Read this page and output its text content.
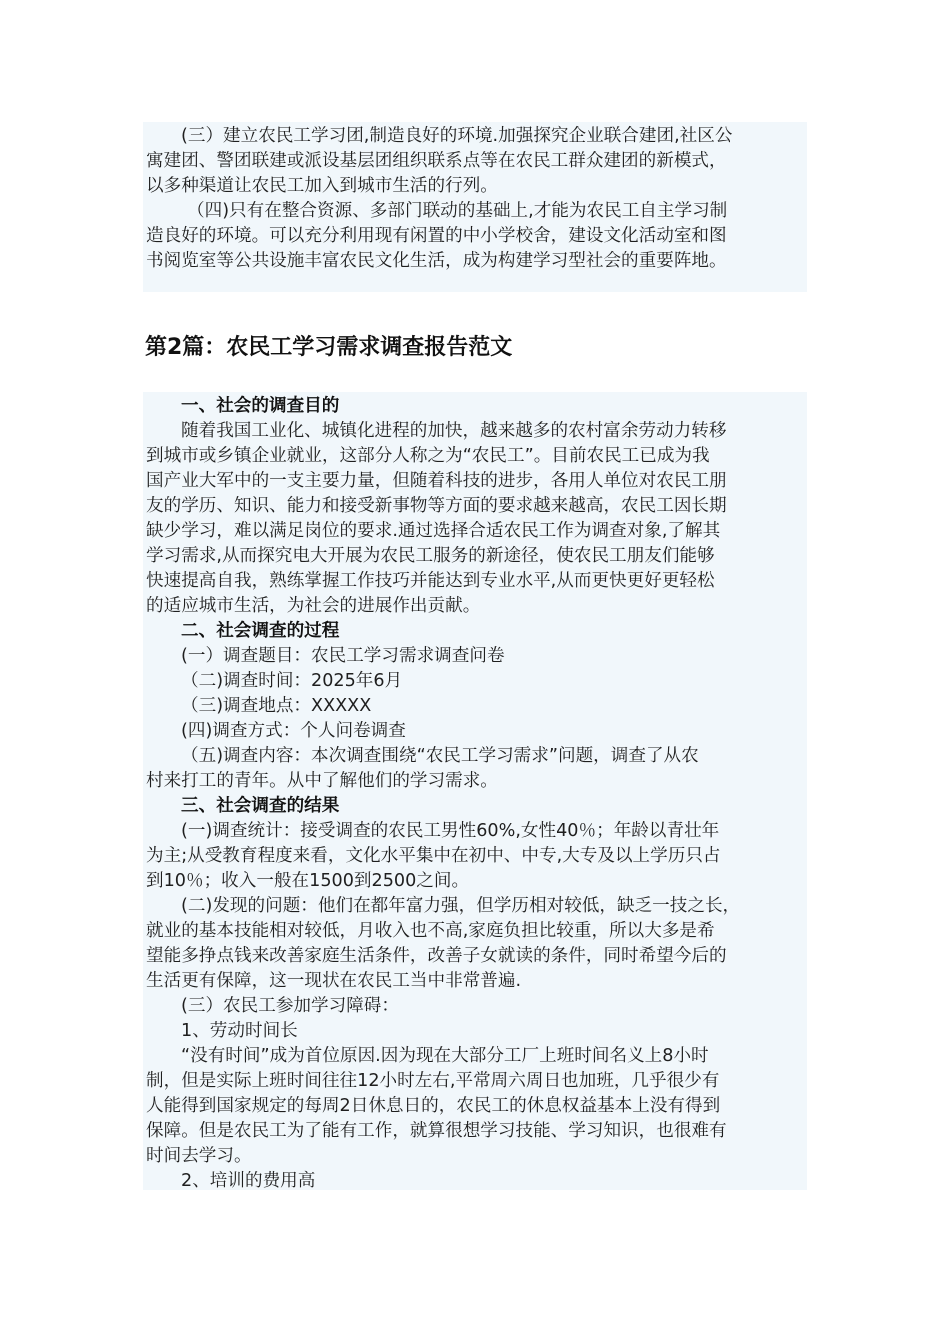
(三）建立农民工学习团,制造良好的环境.加强探究企业联合建团,社区公
寓建团、警团联建或派设基层团组织联系点等在农民工群众建团的新模式，
以多种渠道让农民工加入到城市生活的行列。
（四)只有在整合资源、多部门联动的基础上,才能为农民工自主学习制
造良好的环境。可以充分利用现有闲置的中小学校舍，建设文化活动室和图
书阅览室等公共设施丰富农民文化生活，成为构建学习型社会的重要阵地。
第2篇：农民工学习需求调查报告范文
一、社会的调查目的
随着我国工业化、城镇化进程的加快，越来越多的农村富余劳动力转移
到城市或乡镇企业就业，这部分人称之为“农民工”。目前农民工已成为我
国产业大军中的一支主要力量，但随着科技的进步，各用人单位对农民工朋
友的学历、知识、能力和接受新事物等方面的要求越来越高，农民工因长期
缺少学习，难以满足岗位的要求.通过选择合适农民工作为调查对象,了解其
学习需求,从而探究电大开展为农民工服务的新途径，使农民工朋友们能够
快速提高自我，熟练掌握工作技巧并能达到专业水平,从而更快更好更轻松
的适应城市生活，为社会的进展作出贡献。
二、社会调查的过程
(一）调查题目：农民工学习需求调查问卷
（二)调查时间：2025年6月
（三)调查地点：XXXXX
(四)调查方式：个人问卷调查
（五)调查内容：本次调查围绕“农民工学习需求”问题，调查了从农
村来打工的青年。从中了解他们的学习需求。
三、社会调查的结果
(一)调查统计：接受调查的农民工男性60%,女性40％；年龄以青壮年
为主;从受教育程度来看，文化水平集中在初中、中专,大专及以上学历只占
到10％；收入一般在1500到2500之间。
(二)发现的问题：他们在都年富力强，但学历相对较低，缺乏一技之长，
就业的基本技能相对较低，月收入也不高,家庭负担比较重，所以大多是希
望能多挣点钱来改善家庭生活条件，改善子女就读的条件，同时希望今后的
生活更有保障，这一现状在农民工当中非常普遍.
(三）农民工参加学习障碍：
1、劳动时间长
“没有时间”成为首位原因.因为现在大部分工厂上班时间名义上8小时
制，但是实际上班时间往往12小时左右,平常周六周日也加班，几乎很少有
人能得到国家规定的每周2日休息日的，农民工的休息权益基本上没有得到
保障。但是农民工为了能有工作，就算很想学习技能、学习知识，也很难有
时间去学习。
2、培训的费用高
